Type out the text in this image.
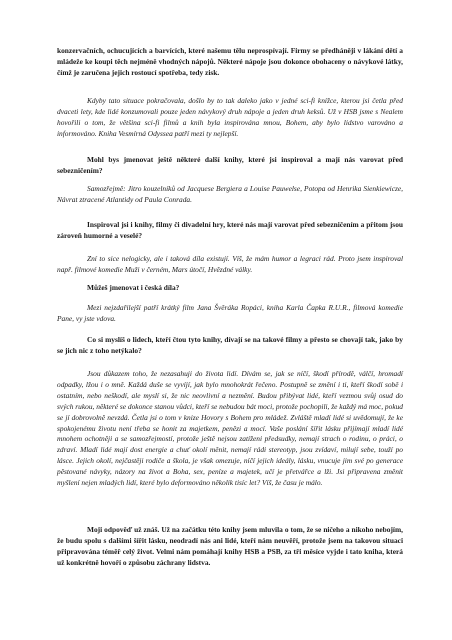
konzervačních, ochucujících a barvících, které našemu tělu neprospívají. Firmy se předháněji v lákání dětí a mládeže ke koupi těch nejméně vhodných nápojů. Některé nápoje jsou dokonce obohaceny o návykové látky, čímž je zaručena jejich rostoucí spotřeba, tedy zisk.

Kdyby tato situace pokračovala, došlo by to tak daleko jako v jedné sci-fi knížce, kterou jsi četla před dvaceti lety, kde lidé konzumovali pouze jeden návykový druh nápoje a jeden druh keksů. Už v HSB jsme s Nealem hovořili o tom, že většina sci-fi filmů a knih byla inspirována mnou, Bohem, aby bylo lidstvo varováno a informováno. Kniha Vesmírná Odyssea patří mezi ty nejlepší.

Mohl bys jmenovat ještě některé další knihy, které jsi inspiroval a mají nás varovat před sebezničením?

Samozřejmě: Jitro kouzelníků od Jacquese Bergiera a Louise Pauwelse, Potopa od Henrika Sienkiewicze, Návrat ztracené Atlantidy od Paula Conrada.

Inspiroval jsi i knihy, filmy či divadelní hry, které nás mají varovat před sebezničením a přitom jsou zároveň humorné a veselé?

Zní to sice nelogicky, ale i taková díla existují. Víš, že mám humor a legraci rád. Proto jsem inspiroval např. filmové komedie Muži v černém, Mars útočí, Hvězdné války.

Můžeš jmenovat i česká díla?

Mezi nejzdařilejší patří krátký film Jana Švěráka Ropáci, kniha Karla Čapka R.U.R., filmová komedie Pane, vy jste vdova.

Co si myslíš o lidech, kteří čtou tyto knihy, dívají se na takové filmy a přesto se chovají tak, jako by se jich nic z toho netýkalo?

Jsou důkazem toho, že nezasahuji do života lidí. Dívám se, jak se níčí, škodí přírodě, válčí, hromadí odpadky, lžou i o mně. Každá duše se vyvíjí, jak bylo mnohokrát řečeno. Postupně se změní i ti, kteří škodí sobě i ostatním, nebo neškodí, ale myslí si, že nic neovlivní a nezmění. Budou přibývat lidé, kteří vezmou svůj osud do svých rukou, některé se dokonce stanou vůdci, kteří se nebudou bát moci, protože pochopili, že každý má moc, pokud se jí dobrovolně nevzdá. Četla jsi o tom v knize Hovory s Bohem pro mládež. Zvláště mladí lidé si uvědomují, že ke spokojenému životu není třeba se honit za majetkem, penězi a mocí. Vaše poslání šířit lásku přijímají mladí lidé mnohem ochotněji a se samozřejmostí, protože ještě nejsou zatíženi předsudky, nemají strach o rodinu, o práci, o zdraví. Mladí lidé mají dost energie a chuť okolí měnit, nemají rádi stereotyp, jsou zvídaví, milují sebe, touží po lásce. Jejich okolí, nejčastěji rodiče a škola, je však omezuje, níčí jejich ideály, lásku, vnucuje jim své po generace pěstované návyky, názory na život a Boha, sex, peníze a majetek, učí je přetvářce a lži. Jsi připravena změnit myšlení nejen mladých lidí, které bylo deformováno několik tisíc let? Víš, že času je málo.

Moji odpověď už znáš. Už na začátku této knihy jsem mluvila o tom, že se ničeho a nikoho nebojím, že budu spolu s dalšími šířit lásku, neodradí nás ani lidé, kteří nám neuvěří, protože jsem na takovou situaci připravována téměř celý život. Velmi nám pomáhají knihy HSB a PSB, za tři měsíce vyjde i tato kniha, která už konkrétně hovoří o způsobu záchrany lidstva.
